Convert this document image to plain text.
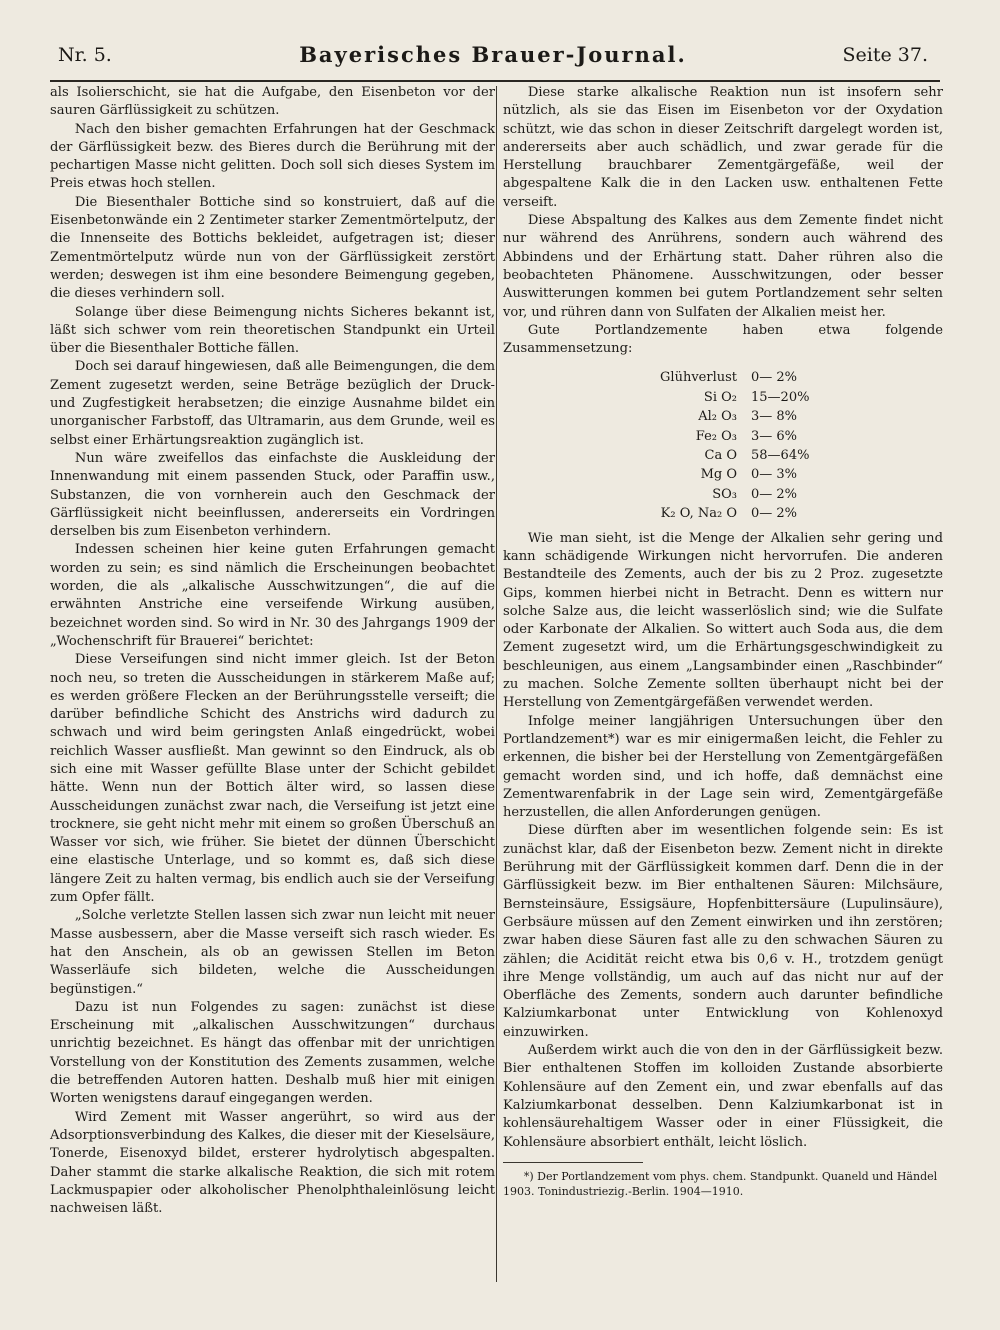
Nr. 5.	Bayerisches Brauer-Journal.	Seite 37.

als Isolierschicht, sie hat die Aufgabe, den Eisenbeton vor der sauren Gärflüssigkeit zu schützen.

Nach den bisher gemachten Erfahrungen hat der Geschmack der Gärflüssigkeit bezw. des Bieres durch die Berührung mit der pechartigen Masse nicht gelitten. Doch soll sich dieses System im Preis etwas hoch stellen.

Die Biesenthaler Bottiche sind so konstruiert, daß auf die Eisenbetonwände ein 2 Zentimeter starker Zementmörtelputz, der die Innenseite des Bottichs bekleidet, aufgetragen ist; dieser Zementmörtelputz würde nun von der Gärflüssigkeit zerstört werden; deswegen ist ihm eine besondere Beimengung gegeben, die dieses verhindern soll.

Solange über diese Beimengung nichts Sicheres bekannt ist, läßt sich schwer vom rein theoretischen Standpunkt ein Urteil über die Biesenthaler Bottiche fällen.

Doch sei darauf hingewiesen, daß alle Beimengungen, die dem Zement zugesetzt werden, seine Beträge bezüglich der Druck- und Zugfestigkeit herabsetzen; die einzige Ausnahme bildet ein unorganischer Farbstoff, das Ultramarin, aus dem Grunde, weil es selbst einer Erhärtungsreaktion zugänglich ist.

Nun wäre zweifellos das einfachste die Auskleidung der Innenwandung mit einem passenden Stuck, oder Paraffin usw., Substanzen, die von vornherein auch den Geschmack der Gärflüssigkeit nicht beeinflussen, andererseits ein Vordringen derselben bis zum Eisenbeton verhindern.

Indessen scheinen hier keine guten Erfahrungen gemacht worden zu sein; es sind nämlich die Erscheinungen beobachtet worden, die als „alkalische Ausschwitzungen“, die auf die erwähnten Anstriche eine verseifende Wirkung ausüben, bezeichnet worden sind. So wird in Nr. 30 des Jahrgangs 1909 der „Wochenschrift für Brauerei“ berichtet:

Diese Verseifungen sind nicht immer gleich. Ist der Beton noch neu, so treten die Ausscheidungen in stärkerem Maße auf; es werden größere Flecken an der Berührungsstelle verseift; die darüber befindliche Schicht des Anstrichs wird dadurch zu schwach und wird beim geringsten Anlaß eingedrückt, wobei reichlich Wasser ausfließt. Man gewinnt so den Eindruck, als ob sich eine mit Wasser gefüllte Blase unter der Schicht gebildet hätte. Wenn nun der Bottich älter wird, so lassen diese Ausscheidungen zunächst zwar nach, die Verseifung ist jetzt eine trocknere, sie geht nicht mehr mit einem so großen Überschuß an Wasser vor sich, wie früher. Sie bietet der dünnen Überschicht eine elastische Unterlage, und so kommt es, daß sich diese längere Zeit zu halten vermag, bis endlich auch sie der Verseifung zum Opfer fällt.

„Solche verletzte Stellen lassen sich zwar nun leicht mit neuer Masse ausbessern, aber die Masse verseift sich rasch wieder. Es hat den Anschein, als ob an gewissen Stellen im Beton Wasserläufe sich bildeten, welche die Ausscheidungen begünstigen.“

Dazu ist nun Folgendes zu sagen: zunächst ist diese Erscheinung mit „alkalischen Ausschwitzungen“ durchaus unrichtig bezeichnet. Es hängt das offenbar mit der unrichtigen Vorstellung von der Konstitution des Zements zusammen, welche die betreffenden Autoren hatten. Deshalb muß hier mit einigen Worten wenigstens darauf eingegangen werden.

Wird Zement mit Wasser angerührt, so wird aus der Adsorptionsverbindung des Kalkes, die dieser mit der Kieselsäure, Tonerde, Eisenoxyd bildet, ersterer hydrolytisch abgespalten. Daher stammt die starke alkalische Reaktion, die sich mit rotem Lackmuspapier oder alkoholischer Phenolphthaleinlösung leicht nachweisen läßt.

Diese starke alkalische Reaktion nun ist insofern sehr nützlich, als sie das Eisen im Eisenbeton vor der Oxydation schützt, wie das schon in dieser Zeitschrift dargelegt worden ist, andererseits aber auch schädlich, und zwar gerade für die Herstellung brauchbarer Zementgärgefäße, weil der abgespaltene Kalk die in den Lacken usw. enthaltenen Fette verseift.

Diese Abspaltung des Kalkes aus dem Zemente findet nicht nur während des Anrührens, sondern auch während des Abbindens und der Erhärtung statt. Daher rühren also die beobachteten Phänomene. Ausschwitzungen, oder besser Auswitterungen kommen bei gutem Portlandzement sehr selten vor, und rühren dann von Sulfaten der Alkalien meist her.

Gute Portlandzemente haben etwa folgende Zusammensetzung:

Glühverlust	0— 2%
Si O₂	15—20%
Al₂ O₃	3— 8%
Fe₂ O₃	3— 6%
Ca O	58—64%
Mg O	0— 3%
SO₃	0— 2%
K₂ O, Na₂ O	0— 2%

Wie man sieht, ist die Menge der Alkalien sehr gering und kann schädigende Wirkungen nicht hervorrufen. Die anderen Bestandteile des Zements, auch der bis zu 2 Proz. zugesetzte Gips, kommen hierbei nicht in Betracht. Denn es wittern nur solche Salze aus, die leicht wasserlöslich sind; wie die Sulfate oder Karbonate der Alkalien. So wittert auch Soda aus, die dem Zement zugesetzt wird, um die Erhärtungsgeschwindigkeit zu beschleunigen, aus einem „Langsambinder einen „Raschbinder“ zu machen. Solche Zemente sollten überhaupt nicht bei der Herstellung von Zementgärgefäßen verwendet werden.

Infolge meiner langjährigen Untersuchungen über den Portlandzement*) war es mir einigermaßen leicht, die Fehler zu erkennen, die bisher bei der Herstellung von Zementgärgefäßen gemacht worden sind, und ich hoffe, daß demnächst eine Zementwarenfabrik in der Lage sein wird, Zementgärgefäße herzustellen, die allen Anforderungen genügen.

Diese dürften aber im wesentlichen folgende sein: Es ist zunächst klar, daß der Eisenbeton bezw. Zement nicht in direkte Berührung mit der Gärflüssigkeit kommen darf. Denn die in der Gärflüssigkeit bezw. im Bier enthaltenen Säuren: Milchsäure, Bernsteinsäure, Essigsäure, Hopfenbittersäure (Lupulinsäure), Gerbsäure müssen auf den Zement einwirken und ihn zerstören; zwar haben diese Säuren fast alle zu den schwachen Säuren zu zählen; die Acidität reicht etwa bis 0,6 v. H., trotzdem genügt ihre Menge vollständig, um auch auf das nicht nur auf der Oberfläche des Zements, sondern auch darunter befindliche Kalziumkarbonat unter Entwicklung von Kohlenoxyd einzuwirken.

Außerdem wirkt auch die von den in der Gärflüssigkeit bezw. Bier enthaltenen Stoffen im kolloiden Zustande absorbierte Kohlensäure auf den Zement ein, und zwar ebenfalls auf das Kalziumkarbonat desselben. Denn Kalziumkarbonat ist in kohlensäurehaltigem Wasser oder in einer Flüssigkeit, die Kohlensäure absorbiert enthält, leicht löslich.

*) Der Portlandzement vom phys. chem. Standpunkt. Quaneld und Händel 1903. Tonindustriezig.-Berlin. 1904—1910.
